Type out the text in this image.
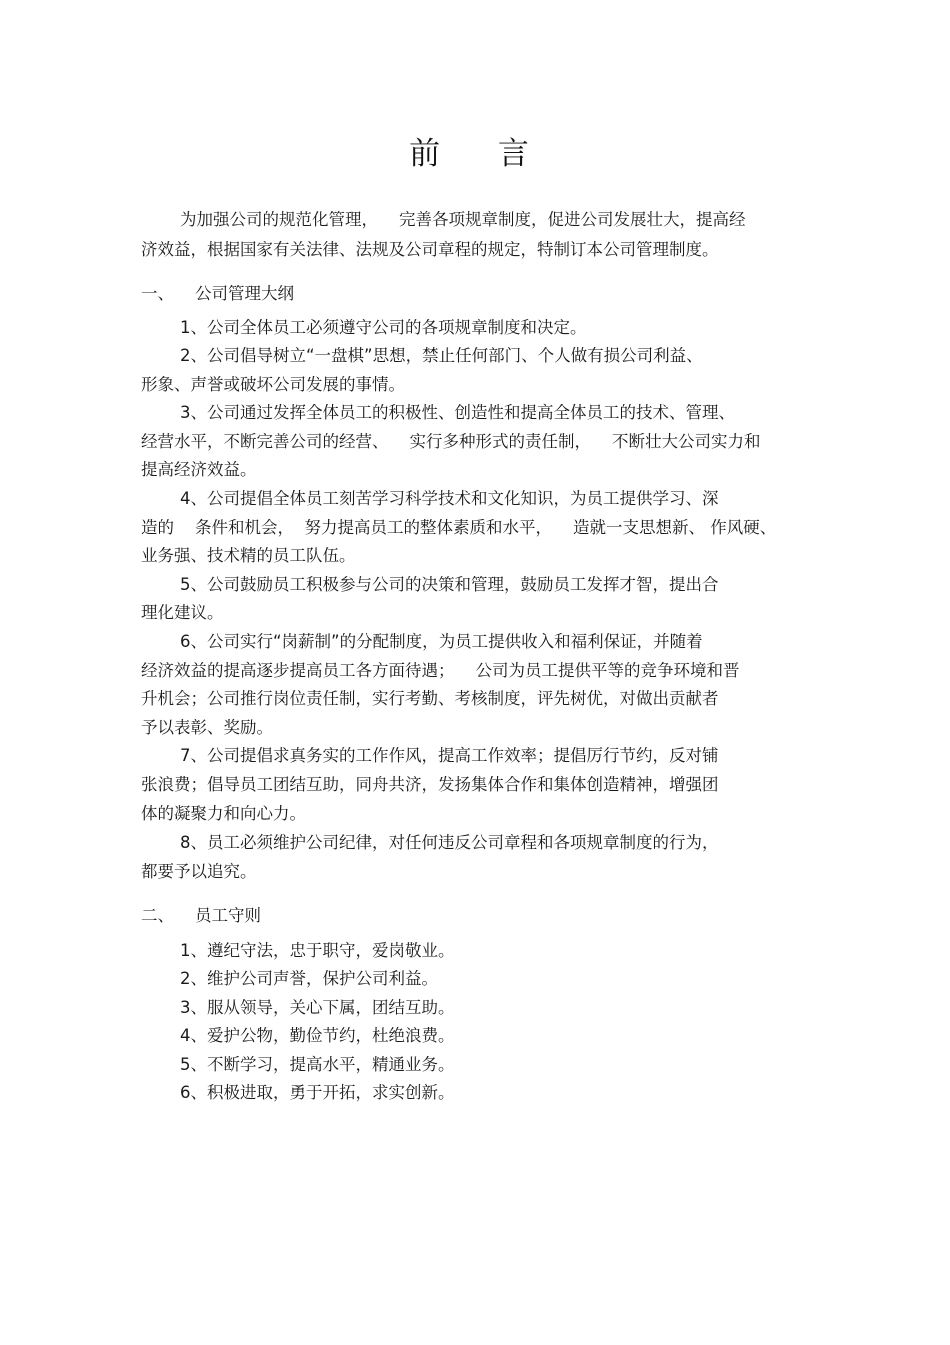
前 言
为加强公司的规范化管理，    完善各项规章制度，促进公司发展壮大，提高经
济效益，根据国家有关法律、法规及公司章程的规定，特制订本公司管理制度。
一、    公司管理大纲
1、公司全体员工必须遵守公司的各项规章制度和决定。
2、公司倡导树立“一盘棋”思想，禁止任何部门、个人做有损公司利益、
形象、声誉或破坏公司发展的事情。
3、公司通过发挥全体员工的积极性、创造性和提高全体员工的技术、管理、
经营水平，不断完善公司的经营、    实行多种形式的责任制，    不断壮大公司实力和
提高经济效益。
4、公司提倡全体员工刻苦学习科学技术和文化知识，为员工提供学习、深
造的    条件和机会，  努力提高员工的整体素质和水平，    造就一支思想新、 作风硬、
业务强、技术精的员工队伍。
5、公司鼓励员工积极参与公司的决策和管理，鼓励员工发挥才智，提出合
理化建议。
6、公司实行“岗薪制”的分配制度，为员工提供收入和福利保证，并随着
经济效益的提高逐步提高员工各方面待遇；    公司为员工提供平等的竞争环境和晋
升机会；公司推行岗位责任制，实行考勤、考核制度，评先树优，对做出贡献者
予以表彰、奖励。
7、公司提倡求真务实的工作作风，提高工作效率；提倡厉行节约，反对铺
张浪费；倡导员工团结互助，同舟共济，发扬集体合作和集体创造精神，增强团
体的凝聚力和向心力。
8、员工必须维护公司纪律，对任何违反公司章程和各项规章制度的行为，
都要予以追究。
二、    员工守则
1、遵纪守法，忠于职守，爱岗敬业。
2、维护公司声誉，保护公司利益。
3、服从领导，关心下属，团结互助。
4、爱护公物，勤俭节约，杜绝浪费。
5、不断学习，提高水平，精通业务。
6、积极进取，勇于开拓，求实创新。
